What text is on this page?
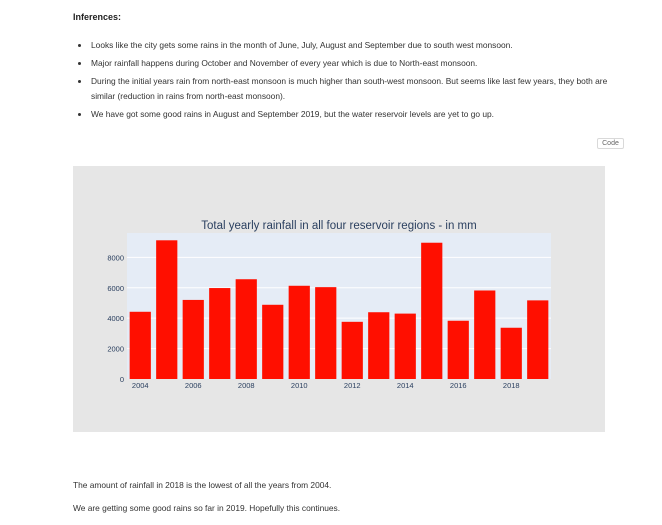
Inferences:
Looks like the city gets some rains in the month of June, July, August and September due to south west monsoon.
Major rainfall happens during October and November of every year which is due to North-east monsoon.
During the initial years rain from north-east monsoon is much higher than south-west monsoon. But seems like last few years, they both are similar (reduction in rains from north-east monsoon).
We have got some good rains in August and September 2019, but the water reservoir levels are yet to go up.
Code
0
2000
4000
6000
8000
2004	2006	2008	2010	2012	2014	2016	2018
Total yearly rainfall in all four reservoir regions - in mm
The amount of rainfall in 2018 is the lowest of all the years from 2004.
We are getting some good rains so far in 2019. Hopefully this continues.
